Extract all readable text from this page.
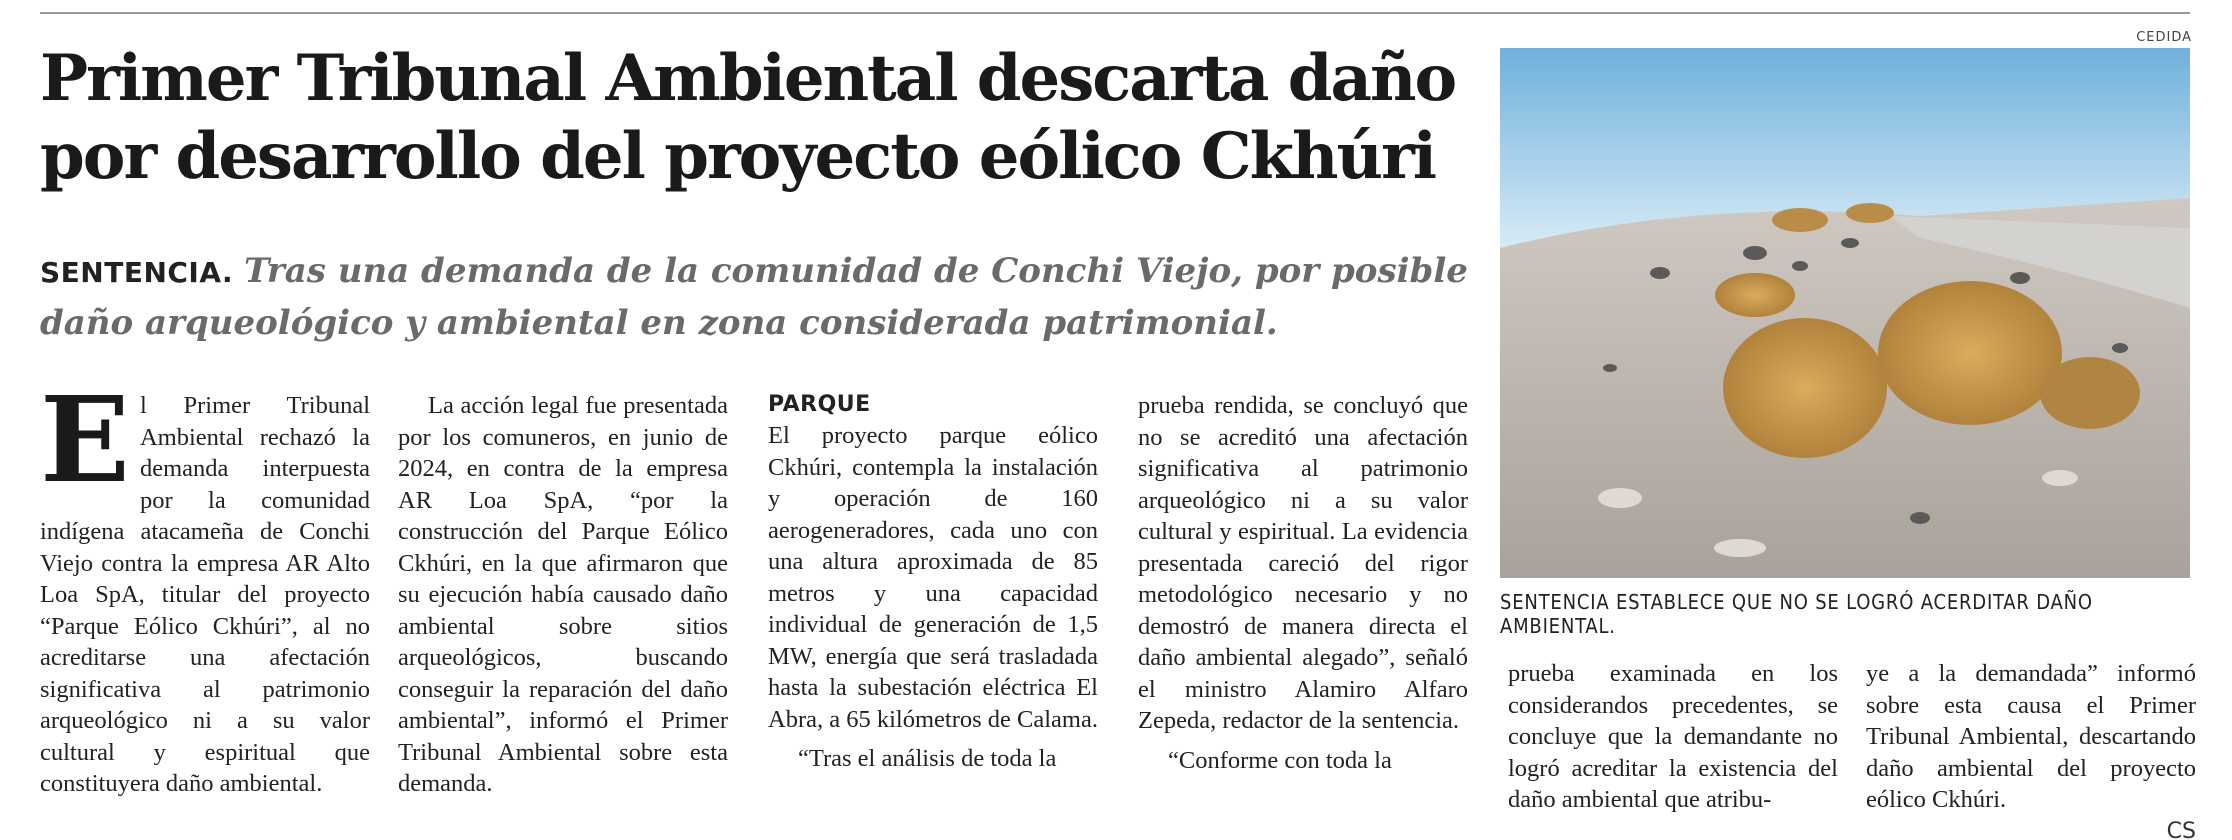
Primer Tribunal Ambiental descarta daño por desarrollo del proyecto eólico Ckhúri
SENTENCIA. Tras una demanda de la comunidad de Conchi Viejo, por posible daño arqueológico y ambiental en zona considerada patrimonial.
E l Primer Tribunal Ambiental rechazó la demanda interpuesta por la comunidad indígena atacameña de Conchi Viejo contra la empresa AR Alto Loa SpA, titular del proyecto “Parque Eólico Ckhúri”, al no acreditarse una afectación significativa al patrimonio arqueológico ni a su valor cultural y espiritual que constituyera daño ambiental.

La acción legal fue presentada por los comuneros, en junio de 2024, en contra de la empresa AR Loa SpA, “por la construcción del Parque Eólico Ckhúri, en la que afirmaron que su ejecución había causado daño ambiental sobre sitios arqueológicos, buscando conseguir la reparación del daño ambiental”, informó el Primer Tribunal Ambiental sobre esta demanda.

PARQUE

El proyecto parque eólico Ckhúri, contempla la instalación y operación de 160 aerogeneradores, cada uno con una altura aproximada de 85 metros y una capacidad individual de generación de 1,5 MW, energía que será trasladada hasta la subestación eléctrica El Abra, a 65 kilómetros de Calama.

“Tras el análisis de toda la

prueba rendida, se concluyó que no se acreditó una afectación significativa al patrimonio arqueológico ni a su valor cultural y espiritual. La evidencia presentada careció del rigor metodológico necesario y no demostró de manera directa el daño ambiental alegado”, señaló el ministro Alamiro Alfaro Zepeda, redactor de la sentencia.

“Conforme con toda la

prueba examinada en los considerandos precedentes, se concluye que la demandante no logró acreditar la existencia del daño ambiental que atribu-

ye a la demandada” informó sobre esta causa el Primer Tribunal Ambiental, descartando daño ambiental del proyecto eólico Ckhúri.

CS
CEDIDA
SENTENCIA ESTABLECE QUE NO SE LOGRÓ ACERDITAR DAÑO AMBIENTAL.
